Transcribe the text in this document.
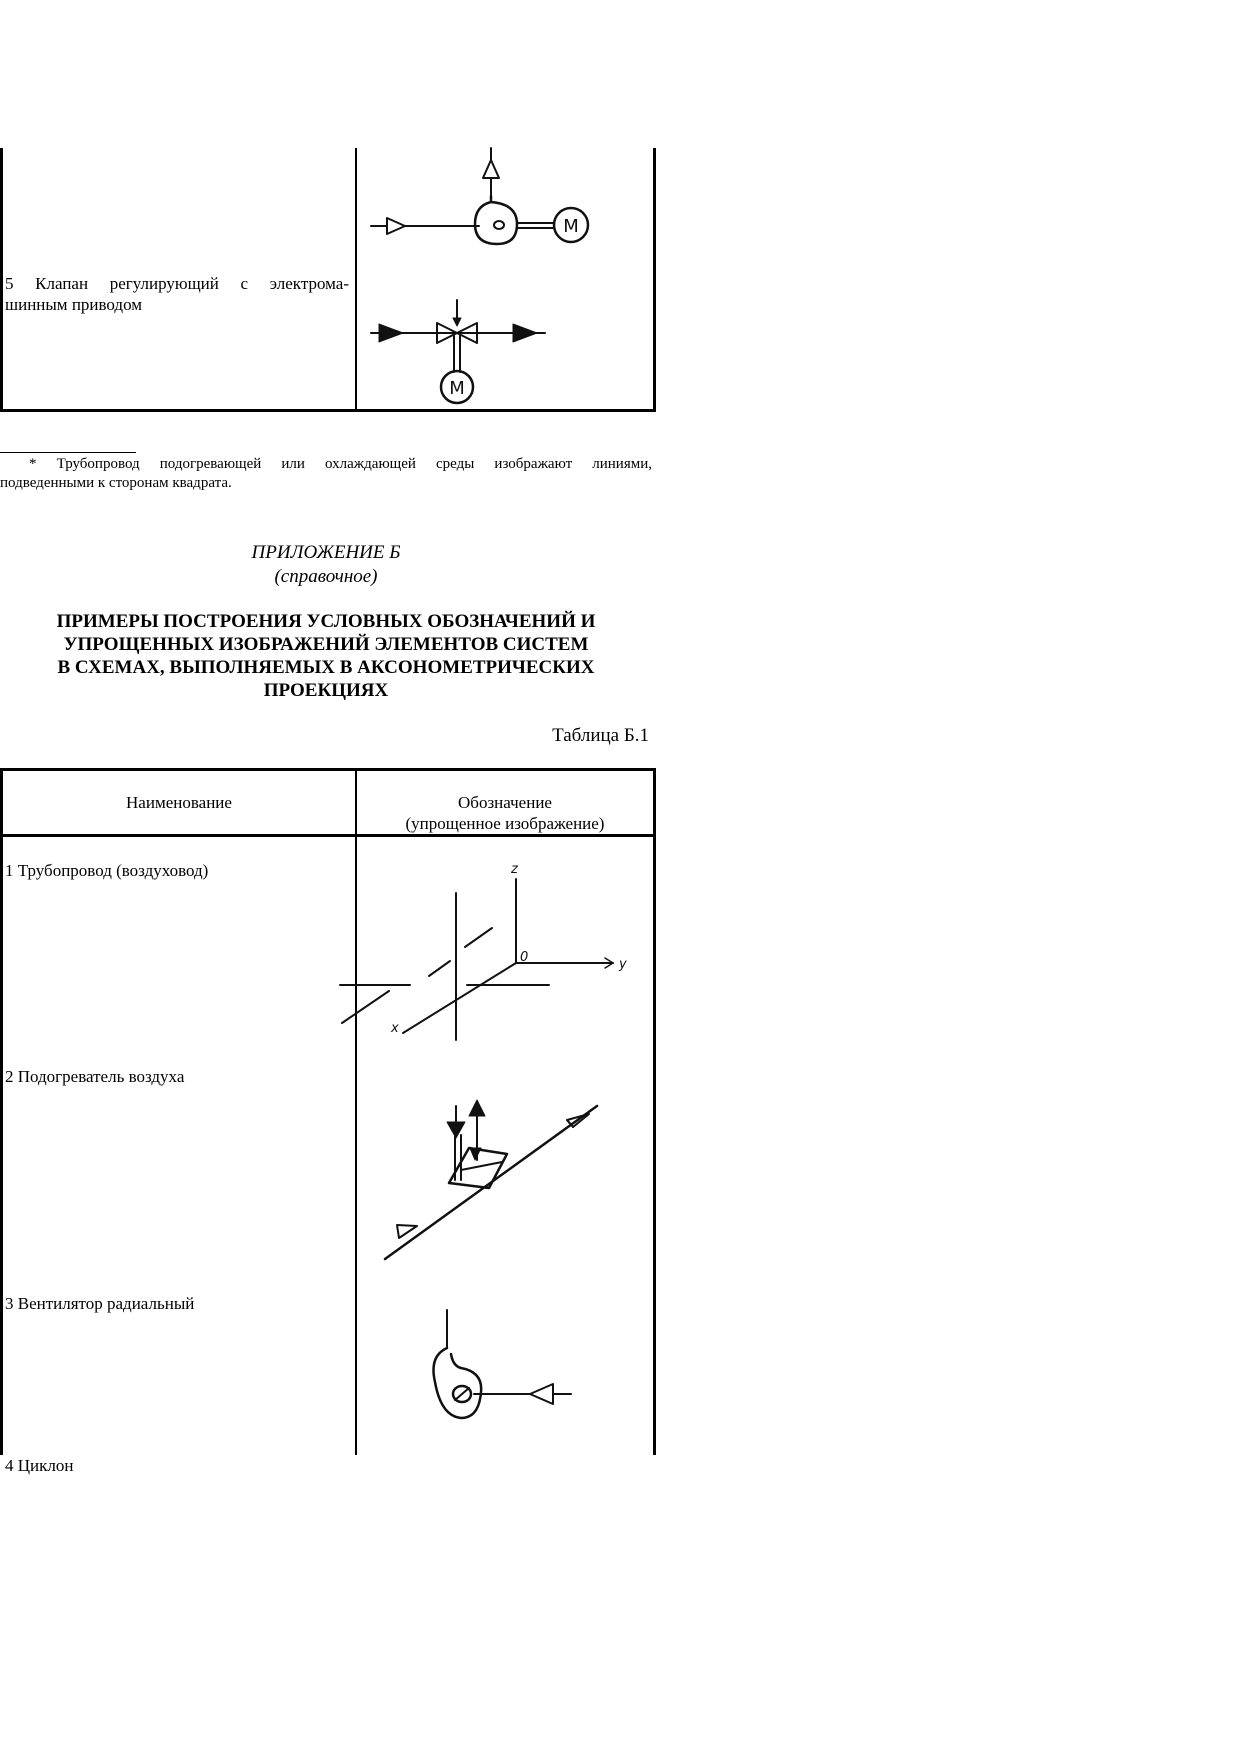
5 Клапан регулирующий с электрома-
шинным приводом
М
М
* Трубопровод подогревающей или охлаждающей среды изображают линиями,
подведенными к сторонам квадрата.
ПРИЛОЖЕНИЕ Б
(справочное)
ПРИМЕРЫ ПОСТРОЕНИЯ УСЛОВНЫХ ОБОЗНАЧЕНИЙ И
УПРОЩЕННЫХ ИЗОБРАЖЕНИЙ ЭЛЕМЕНТОВ СИСТЕМ
В СХЕМАХ, ВЫПОЛНЯЕМЫХ В АКСОНОМЕТРИЧЕСКИХ
ПРОЕКЦИЯХ
Таблица Б.1
Наименование	Обозначение
(упрощенное изображение)
1 Трубопровод (воздуховод)
2 Подогреватель воздуха
3 Вентилятор радиальный
4 Циклон
z
0	y
x
